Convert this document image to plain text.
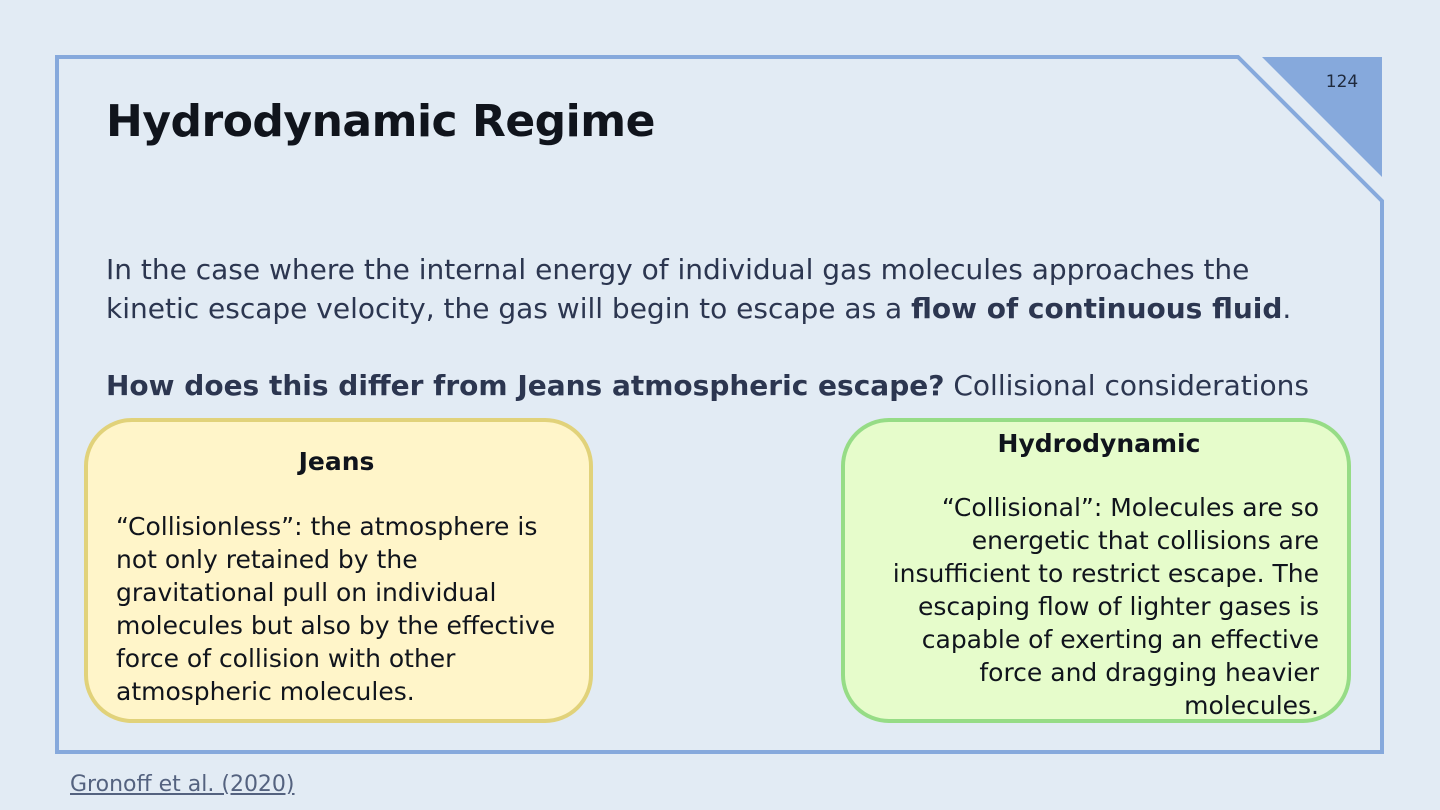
124
Hydrodynamic Regime
In the case where the internal energy of individual gas molecules approaches the kinetic escape velocity, the gas will begin to escape as a flow of continuous fluid.
How does this differ from Jeans atmospheric escape? Collisional considerations
Jeans
“Collisionless”: the atmosphere is not only retained by the gravitational pull on individual molecules but also by the effective force of collision with other atmospheric molecules.
Hydrodynamic
“Collisional”: Molecules are so energetic that collisions are insufficient to restrict escape. The escaping flow of lighter gases is capable of exerting an effective force and dragging heavier molecules.
Gronoff et al. (2020)
